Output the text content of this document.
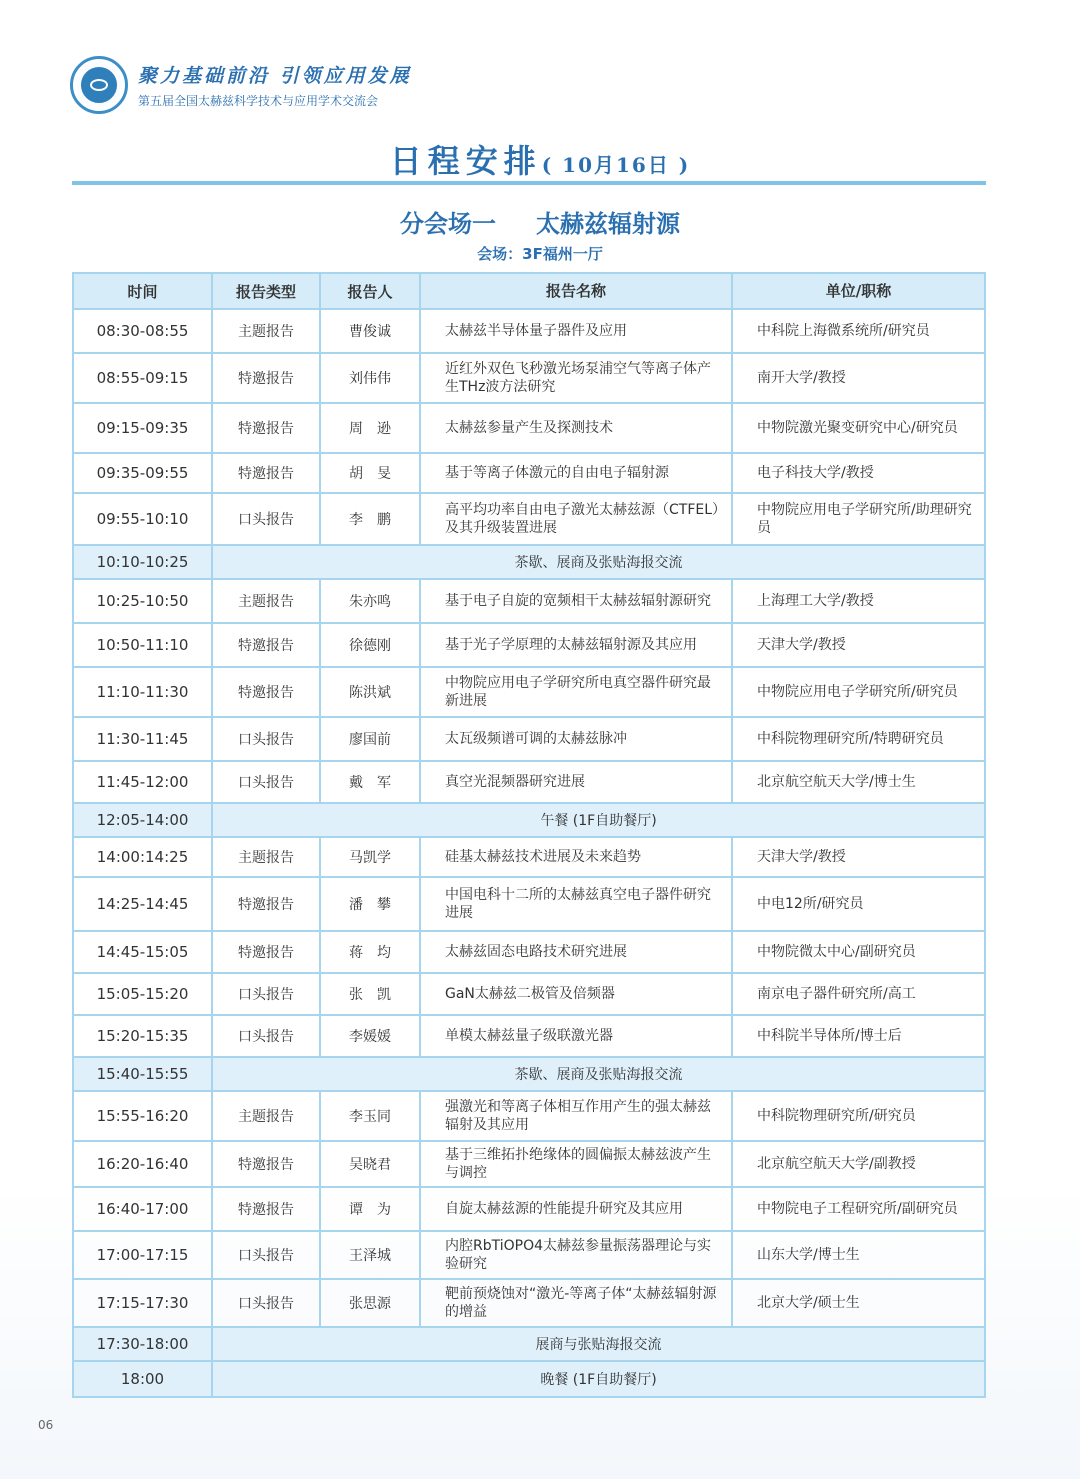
聚力基础前沿 引领应用发展
第五届全国太赫兹科学技术与应用学术交流会
日程安排( 10月16日 )
分会场一 太赫兹辐射源
会场：3F福州一厅
时间	报告类型	报告人	报告名称	单位/职称
08:30-08:55	主题报告	曹俊诚	太赫兹半导体量子器件及应用	中科院上海微系统所/研究员
08:55-09:15	特邀报告	刘伟伟	近红外双色飞秒激光场泵浦空气等离子体产生THz波方法研究	南开大学/教授
09:15-09:35	特邀报告	周　逊	太赫兹参量产生及探测技术	中物院激光聚变研究中心/研究员
09:35-09:55	特邀报告	胡　旻	基于等离子体激元的自由电子辐射源	电子科技大学/教授
09:55-10:10	口头报告	李　鹏	高平均功率自由电子激光太赫兹源（CTFEL）及其升级装置进展	中物院应用电子学研究所/助理研究员
10:10-10:25	茶歇、展商及张贴海报交流			
10:25-10:50	主题报告	朱亦鸣	基于电子自旋的宽频相干太赫兹辐射源研究	上海理工大学/教授
10:50-11:10	特邀报告	徐德刚	基于光子学原理的太赫兹辐射源及其应用	天津大学/教授
11:10-11:30	特邀报告	陈洪斌	中物院应用电子学研究所电真空器件研究最新进展	中物院应用电子学研究所/研究员
11:30-11:45	口头报告	廖国前	太瓦级频谱可调的太赫兹脉冲	中科院物理研究所/特聘研究员
11:45-12:00	口头报告	戴　军	真空光混频器研究进展	北京航空航天大学/博士生
12:05-14:00	午餐 (1F自助餐厅)			
14:00:14:25	主题报告	马凯学	硅基太赫兹技术进展及未来趋势	天津大学/教授
14:25-14:45	特邀报告	潘　攀	中国电科十二所的太赫兹真空电子器件研究进展	中电12所/研究员
14:45-15:05	特邀报告	蒋　均	太赫兹固态电路技术研究进展	中物院微太中心/副研究员
15:05-15:20	口头报告	张　凯	GaN太赫兹二极管及倍频器	南京电子器件研究所/高工
15:20-15:35	口头报告	李媛媛	单模太赫兹量子级联激光器	中科院半导体所/博士后
15:40-15:55	茶歇、展商及张贴海报交流			
15:55-16:20	主题报告	李玉同	强激光和等离子体相互作用产生的强太赫兹辐射及其应用	中科院物理研究所/研究员
16:20-16:40	特邀报告	吴晓君	基于三维拓扑绝缘体的圆偏振太赫兹波产生与调控	北京航空航天大学/副教授
16:40-17:00	特邀报告	谭　为	自旋太赫兹源的性能提升研究及其应用	中物院电子工程研究所/副研究员
17:00-17:15	口头报告	王泽城	内腔RbTiOPO4太赫兹参量振荡器理论与实验研究	山东大学/博士生
17:15-17:30	口头报告	张思源	靶前预烧蚀对“激光-等离子体“太赫兹辐射源的增益	北京大学/硕士生
17:30-18:00	展商与张贴海报交流			
18:00	晚餐 (1F自助餐厅)			
06
